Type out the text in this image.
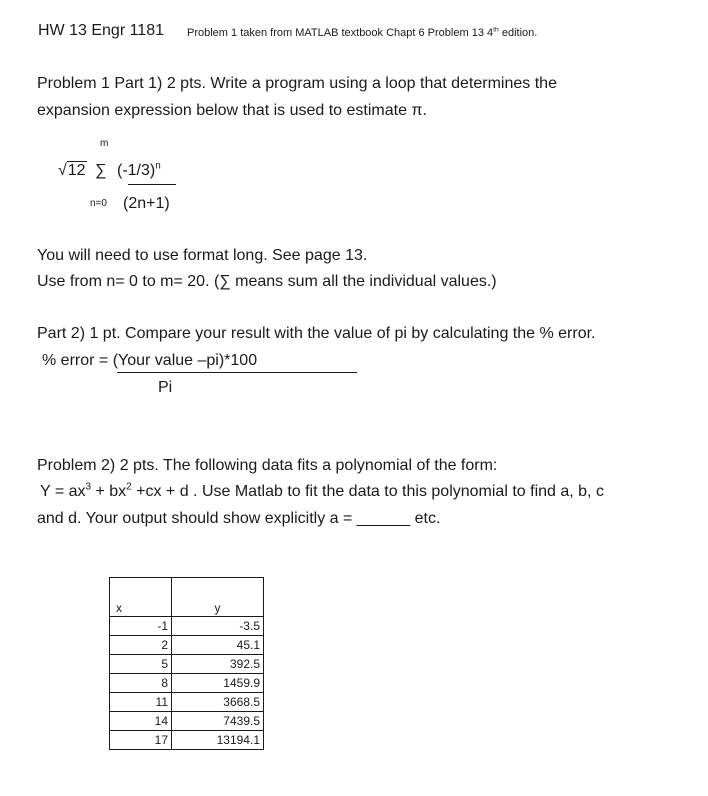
HW 13 Engr 1181 Problem 1 taken from MATLAB textbook Chapt 6 Problem 13 4th edition.
Problem 1 Part 1) 2 pts. Write a program using a loop that determines the
expansion expression below that is used to estimate π.
m
√12 ∑ $(-1/3)^n$
n=0 (2n+1)
You will need to use format long. See page 13.
Use from n= 0 to m= 20. (∑ means sum all the individual values.)
Part 2) 1 pt. Compare your result with the value of pi by calculating the % error.
% error = (Your value –pi)*100
Pi
Problem 2) 2 pts. The following data fits a polynomial of the form:
$Y = ax^3 + bx^2 +cx + d$ . Use Matlab to fit the data to this polynomial to find a, b, c
and d. Your output should show explicitly a = ______ etc.
x	y
-1	-3.5
2	45.1
5	392.5
8	1459.9
11	3668.5
14	7439.5
17	13194.1
